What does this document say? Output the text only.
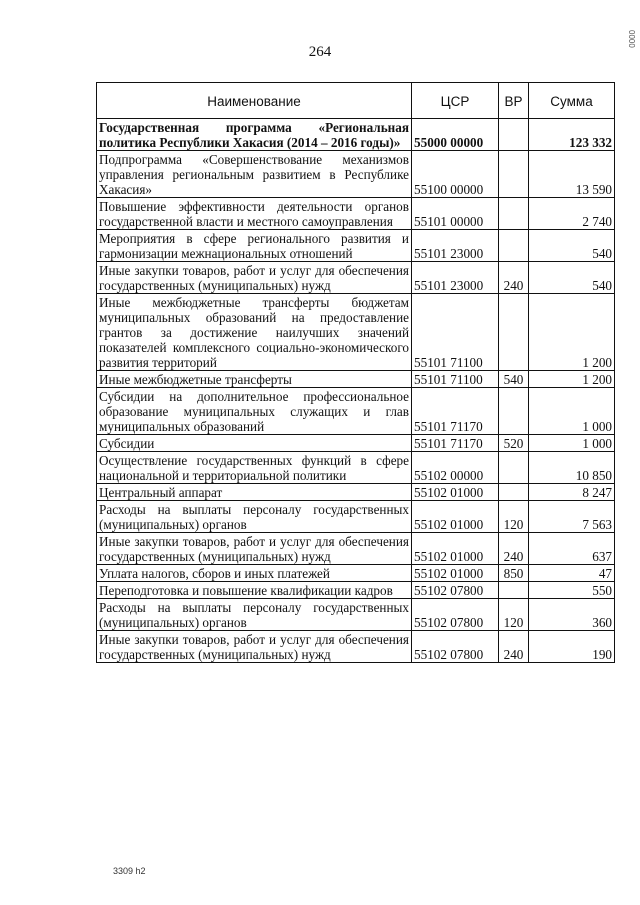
264
0000
Наименование	ЦСР	ВР	Сумма
Государственная программа «Региональная политика Республики Хакасия (2014 – 2016 годы)»	55000 00000		123 332
Подпрограмма «Совершенствование механизмов управления региональным развитием в Республике Хакасия»	55100 00000		13 590
Повышение эффективности деятельности органов государственной власти и местного самоуправления	55101 00000		2 740
Мероприятия в сфере регионального развития и гармонизации межнациональных отношений	55101 23000		540
Иные закупки товаров, работ и услуг для обеспечения государственных (муниципальных) нужд	55101 23000	240	540
Иные межбюджетные трансферты бюджетам муниципальных образований на предоставление грантов за достижение наилучших значений показателей комплексного социально-экономического развития территорий	55101 71100		1 200
Иные межбюджетные трансферты	55101 71100	540	1 200
Субсидии на дополнительное профессиональное образование муниципальных служащих и глав муниципальных образований	55101 71170		1 000
Субсидии	55101 71170	520	1 000
Осуществление государственных функций в сфере национальной и территориальной политики	55102 00000		10 850
Центральный аппарат	55102 01000		8 247
Расходы на выплаты персоналу государственных (муниципальных) органов	55102 01000	120	7 563
Иные закупки товаров, работ и услуг для обеспечения государственных (муниципальных) нужд	55102 01000	240	637
Уплата налогов, сборов и иных платежей	55102 01000	850	47
Переподготовка и повышение квалификации кадров	55102 07800		550
Расходы на выплаты персоналу государственных (муниципальных) органов	55102 07800	120	360
Иные закупки товаров, работ и услуг для обеспечения государственных (муниципальных) нужд	55102 07800	240	190
3309 h2
